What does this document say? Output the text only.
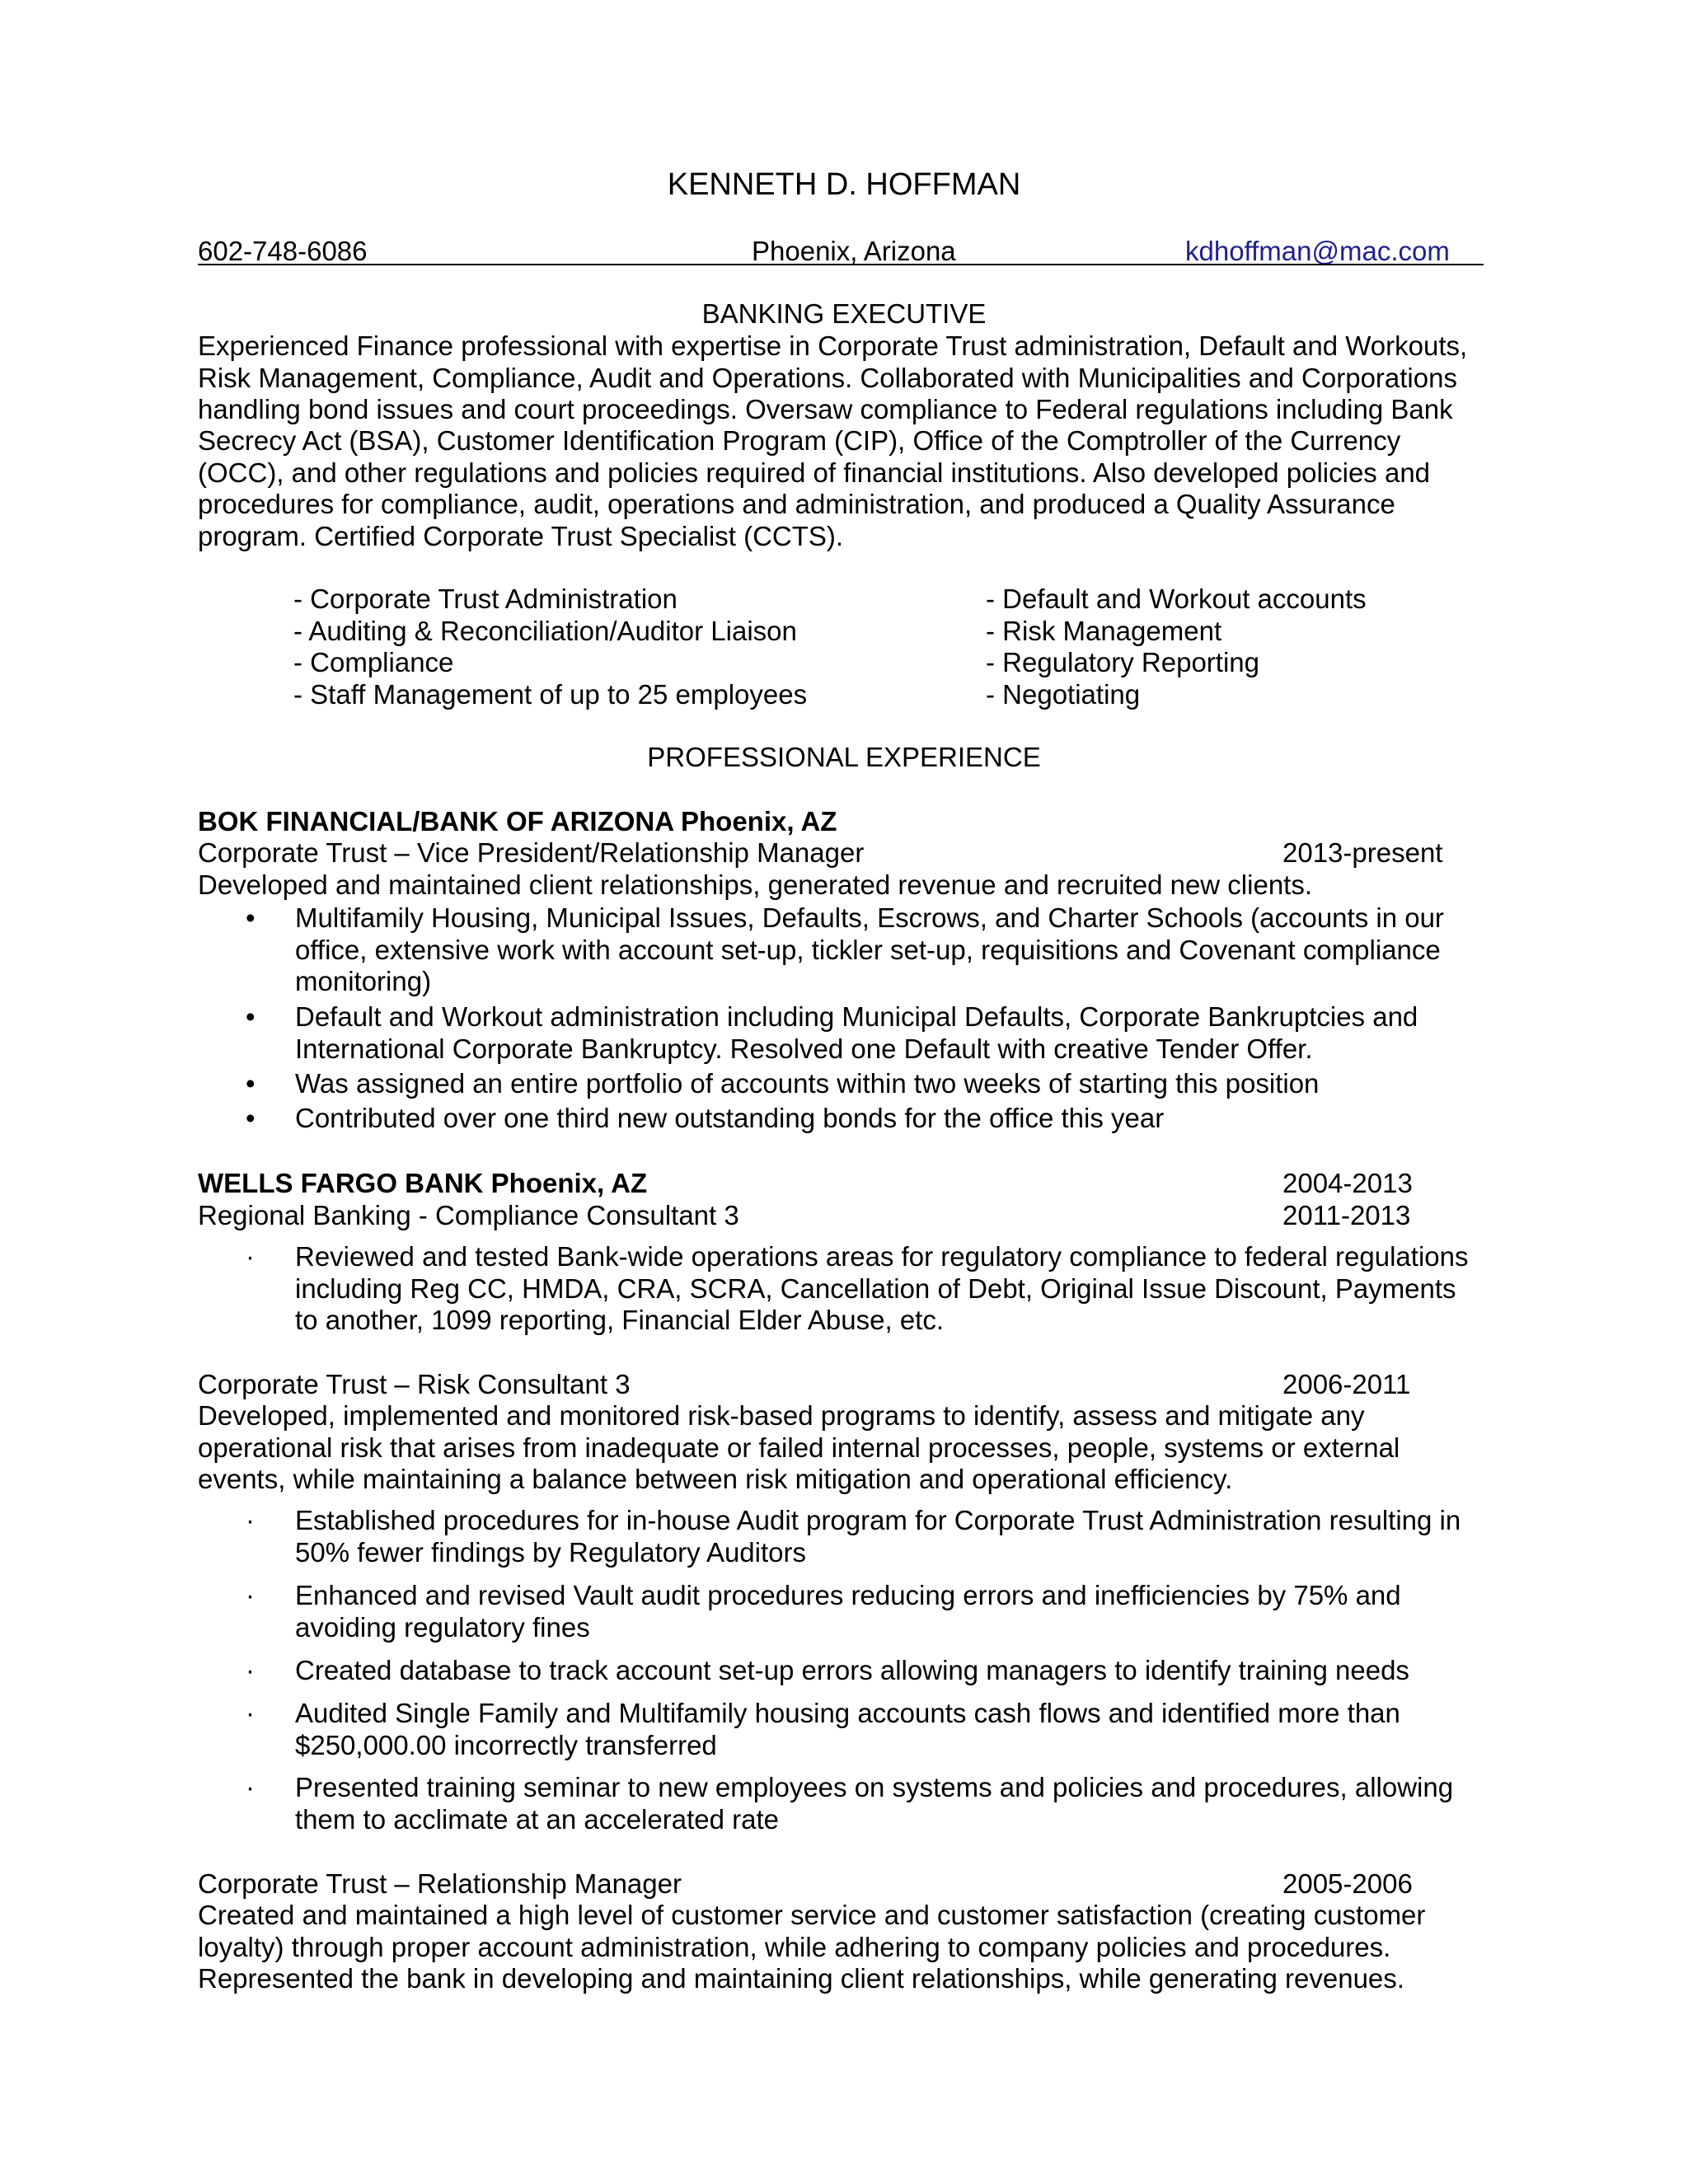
KENNETH D. HOFFMAN
602-748-6086	Phoenix, Arizona	kdhoffman@mac.com
BANKING EXECUTIVE
Experienced Finance professional with expertise in Corporate Trust administration, Default and Workouts,
Risk Management, Compliance, Audit and Operations. Collaborated with Municipalities and Corporations
handling bond issues and court proceedings. Oversaw compliance to Federal regulations including Bank
Secrecy Act (BSA), Customer Identification Program (CIP), Office of the Comptroller of the Currency
(OCC), and other regulations and policies required of financial institutions. Also developed policies and
procedures for compliance, audit, operations and administration, and produced a Quality Assurance
program. Certified Corporate Trust Specialist (CCTS).
- Corporate Trust Administration
- Auditing & Reconciliation/Auditor Liaison
- Compliance
- Staff Management of up to 25 employees
- Default and Workout accounts
- Risk Management
- Regulatory Reporting
- Negotiating
PROFESSIONAL EXPERIENCE
BOK FINANCIAL/BANK OF ARIZONA Phoenix, AZ
Corporate Trust – Vice President/Relationship Manager	2013-present
Developed and maintained client relationships, generated revenue and recruited new clients.
• Multifamily Housing, Municipal Issues, Defaults, Escrows, and Charter Schools (accounts in our
office, extensive work with account set-up, tickler set-up, requisitions and Covenant compliance
monitoring)
• Default and Workout administration including Municipal Defaults, Corporate Bankruptcies and
International Corporate Bankruptcy. Resolved one Default with creative Tender Offer.
• Was assigned an entire portfolio of accounts within two weeks of starting this position
• Contributed over one third new outstanding bonds for the office this year
WELLS FARGO BANK Phoenix, AZ	2004-2013
Regional Banking - Compliance Consultant 3	2011-2013
· Reviewed and tested Bank-wide operations areas for regulatory compliance to federal regulations
including Reg CC, HMDA, CRA, SCRA, Cancellation of Debt, Original Issue Discount, Payments
to another, 1099 reporting, Financial Elder Abuse, etc.
Corporate Trust – Risk Consultant 3	2006-2011
Developed, implemented and monitored risk-based programs to identify, assess and mitigate any
operational risk that arises from inadequate or failed internal processes, people, systems or external
events, while maintaining a balance between risk mitigation and operational efficiency.
· Established procedures for in-house Audit program for Corporate Trust Administration resulting in
50% fewer findings by Regulatory Auditors
· Enhanced and revised Vault audit procedures reducing errors and inefficiencies by 75% and
avoiding regulatory fines
· Created database to track account set-up errors allowing managers to identify training needs
· Audited Single Family and Multifamily housing accounts cash flows and identified more than
$250,000.00 incorrectly transferred
· Presented training seminar to new employees on systems and policies and procedures, allowing
them to acclimate at an accelerated rate
Corporate Trust – Relationship Manager	2005-2006
Created and maintained a high level of customer service and customer satisfaction (creating customer
loyalty) through proper account administration, while adhering to company policies and procedures.
Represented the bank in developing and maintaining client relationships, while generating revenues.
